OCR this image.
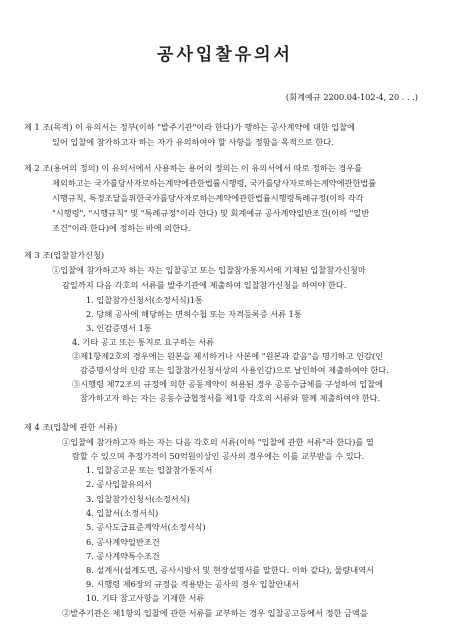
공사입찰유의서
(회계예규 2200.04-102-4, 20 . . .)
제 1 조(목적) 이 유의서는 정부(이하 "발주기관"이라 한다)가 행하는 공사계약에 대한 입찰에
있어 입찰에 참가하고자 하는 자가 유의하여야 할 사항을 정함을 목적으로 한다.
제 2 조(용어의 정의) 이 유의서에서 사용하는 용어의 정의는 이 유의서에서 따로 정하는 경우를
제외하고는 국가를당사자로하는계약에관한법률시행령, 국가를당사자로하는계약에관한법률
시행규칙, 특정조달을위한국가를당사자로하는계약에관한법률시행령특례규정(이하 각각
"시행령", "시행규칙" 및 "특례규정"이라 한다) 및 회계예규 공사계약일반조건(이하 "일반
조건"이라 한다)에 정하는 바에 의한다.
제 3 조(입찰참가신청)
①입찰에 참가하고자 하는 자는 입찰공고 또는 입찰참가통지서에 기재된 입찰참가신청마
감일까지 다음 각호의 서류를 발주기관에 제출하여 입찰참가신청을 하여야 한다.
1. 입찰참가신청서(소정서식)1통
2. 당해 공사에 해당하는 면허수첩 또는 자격등록증 서류 1통
3. 인감증명서 1통
4. 기타 공고 또는 통지로 요구하는 서류
②제1항제2호의 경우에는 원본을 제시하거나 사본에 "원본과 같음"을 명기하고 인감(인
감증명서상의 인감 또는 입찰참가신청서상의 사용인감)으로 날인하여 제출하여야 한다.
③시행령 제72조의 규정에 의한 공동계약이 허용된 경우 공동수급체를 구성하여 입찰에
참가하고자 하는 자는 공동수급협정서를 제1항 각호의 서류와 함께 제출하여야 한다.
제 4 조(입찰에 관한 서류)
①입찰에 참가하고자 하는 자는 다음 각호의 서류(이하 "입찰에 관한 서류"라 한다)를 열
람할 수 있으며 추정가격이 50억원이상인 공사의 경우에는 이를 교부받을 수 있다.
1. 입찰공고문 또는 입찰참가통지서
2. 공사입찰유의서
3. 입찰참가신청서(소정서식)
4. 입찰서(소정서식)
5. 공사도급표준계약서(소정서식)
6. 공사계약일반조건
7. 공사계약특수조건
8. 설계서(설계도면, 공사시방서 및 현장설명서를 말한다. 이하 같다), 물량내역서
9. 시행령 제6장의 규정을 적용받는 공사의 경우 입찰안내서
10. 기타 참고사항을 기재한 서류
②발주기관은 제1항의 입찰에 관한 서류를 교부하는 경우 입찰공고등에서 정한 금액을
